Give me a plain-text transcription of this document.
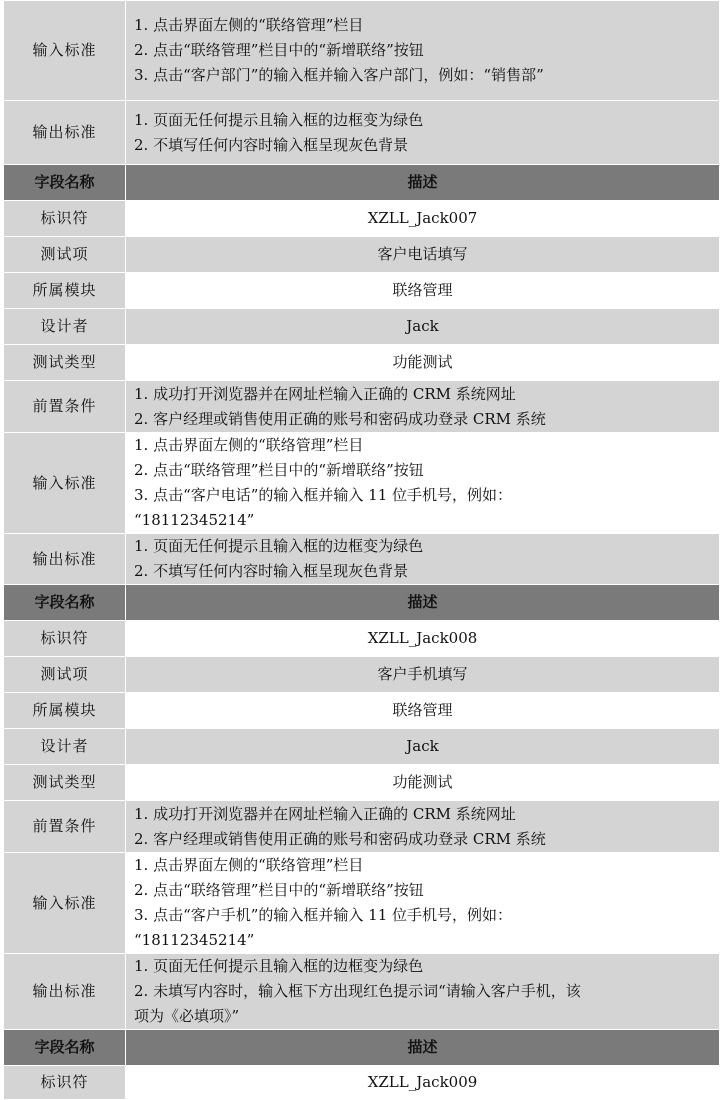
输入标准	1. 点击界面左侧的“联络管理”栏目
2. 点击“联络管理”栏目中的“新增联络”按钮
3. 点击“客户部门”的输入框并输入客户部门，例如：“销售部”

输出标准	1. 页面无任何提示且输入框的边框变为绿色
2. 不填写任何内容时输入框呈现灰色背景

字段名称	描述
标识符	XZLL_Jack007
测试项	客户电话填写
所属模块	联络管理
设计者	Jack
测试类型	功能测试
前置条件	1. 成功打开浏览器并在网址栏输入正确的 CRM 系统网址
2. 客户经理或销售使用正确的账号和密码成功登录 CRM 系统

输入标准	1. 点击界面左侧的“联络管理”栏目
2. 点击“联络管理”栏目中的“新增联络”按钮
3. 点击“客户电话”的输入框并输入 11 位手机号，例如：
“18112345214”

输出标准	1. 页面无任何提示且输入框的边框变为绿色
2. 不填写任何内容时输入框呈现灰色背景

字段名称	描述
标识符	XZLL_Jack008
测试项	客户手机填写
所属模块	联络管理
设计者	Jack
测试类型	功能测试
前置条件	1. 成功打开浏览器并在网址栏输入正确的 CRM 系统网址
2. 客户经理或销售使用正确的账号和密码成功登录 CRM 系统

输入标准	1. 点击界面左侧的“联络管理”栏目
2. 点击“联络管理”栏目中的“新增联络”按钮
3. 点击“客户手机”的输入框并输入 11 位手机号，例如：
“18112345214”

输出标准	1. 页面无任何提示且输入框的边框变为绿色
2. 未填写内容时，输入框下方出现红色提示词“请输入客户手机，该
项为《必填项》”

字段名称	描述
标识符	XZLL_Jack009
